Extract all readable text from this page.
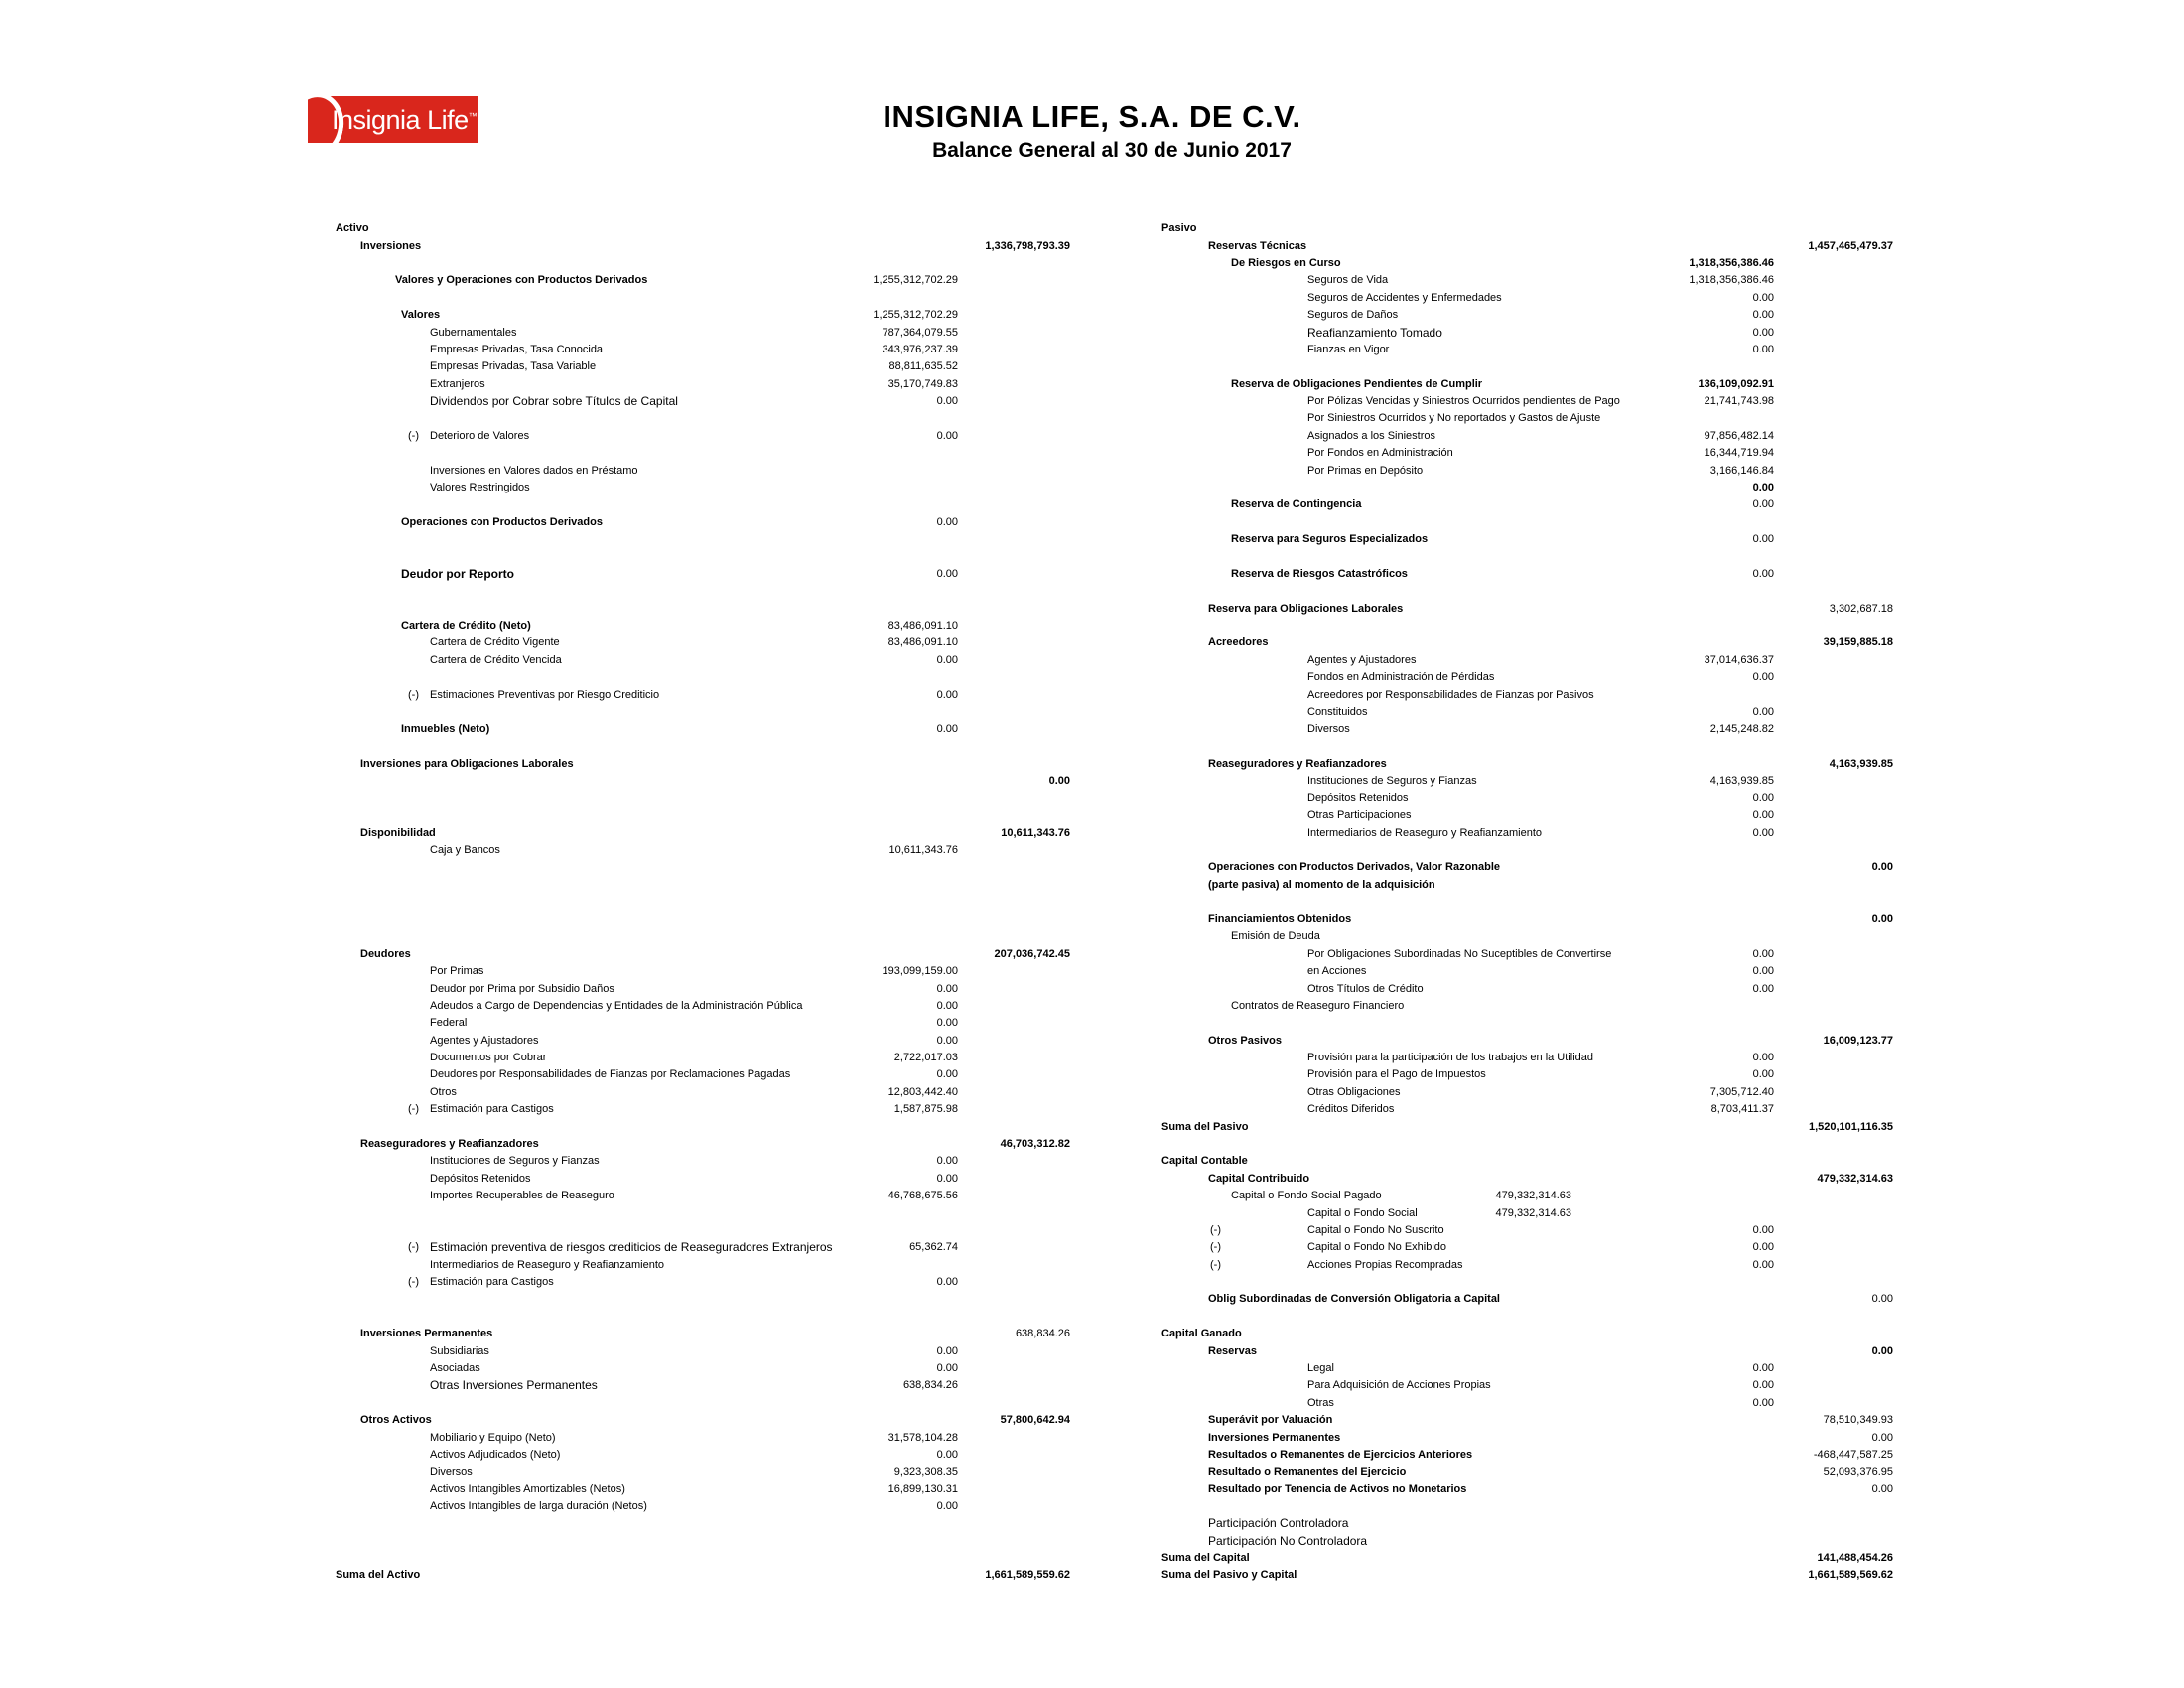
Insignia Life™	INSIGNIA LIFE, S.A. DE C.V.
Balance General al 30 de Junio 2017
Activo
Inversiones	1,336,798,793.39
Valores y Operaciones con Productos Derivados	1,255,312,702.29
Valores	1,255,312,702.29
Gubernamentales	787,364,079.55
Empresas Privadas, Tasa Conocida	343,976,237.39
Empresas Privadas, Tasa Variable	88,811,635.52
Extranjeros	35,170,749.83
Dividendos por Cobrar sobre Títulos de Capital	0.00
(-) Deterioro de Valores	0.00
Inversiones en Valores dados en Préstamo
Valores Restringidos
Operaciones con Productos Derivados	0.00
Deudor por Reporto	0.00
Cartera de Crédito (Neto)	83,486,091.10
Cartera de Crédito Vigente	83,486,091.10
Cartera de Crédito Vencida	0.00
(-) Estimaciones Preventivas por Riesgo Crediticio	0.00
Inmuebles (Neto)	0.00
Inversiones para Obligaciones Laborales
0.00
Disponibilidad	10,611,343.76
Caja y Bancos	10,611,343.76
Deudores	207,036,742.45
Por Primas	193,099,159.00
Deudor por Prima por Subsidio Daños	0.00
Adeudos a Cargo de Dependencias y Entidades de la Administración Pública	0.00
Federal	0.00
Agentes y Ajustadores	0.00
Documentos por Cobrar	2,722,017.03
Deudores por Responsabilidades de Fianzas por Reclamaciones Pagadas	0.00
Otros	12,803,442.40
(-) Estimación para Castigos	1,587,875.98
Reaseguradores y Reafianzadores	46,703,312.82
Instituciones de Seguros y Fianzas	0.00
Depósitos Retenidos	0.00
Importes Recuperables de Reaseguro	46,768,675.56
(-) Estimación preventiva de riesgos crediticios de Reaseguradores Extranjeros	65,362.74
Intermediarios de Reaseguro y Reafianzamiento
(-) Estimación para Castigos	0.00
Inversiones Permanentes	638,834.26
Subsidiarias	0.00
Asociadas	0.00
Otras Inversiones Permanentes	638,834.26
Otros Activos	57,800,642.94
Mobiliario y Equipo (Neto)	31,578,104.28
Activos Adjudicados (Neto)	0.00
Diversos	9,323,308.35
Activos Intangibles Amortizables (Netos)	16,899,130.31
Activos Intangibles de larga duración (Netos)	0.00
Suma del Activo	1,661,589,559.62
Pasivo
Reservas Técnicas	1,457,465,479.37
De Riesgos en Curso	1,318,356,386.46
Seguros de Vida	1,318,356,386.46
Seguros de Accidentes y Enfermedades	0.00
Seguros de Daños	0.00
Reafianzamiento Tomado	0.00
Fianzas en Vigor	0.00
Reserva de Obligaciones Pendientes de Cumplir	136,109,092.91
Por Pólizas Vencidas y Siniestros Ocurridos pendientes de Pago	21,741,743.98
Por Siniestros Ocurridos y No reportados y Gastos de Ajuste
Asignados a los Siniestros	97,856,482.14
Por Fondos en Administración	16,344,719.94
Por Primas en Depósito	3,166,146.84
0.00
Reserva de Contingencia	0.00
Reserva para Seguros Especializados	0.00
Reserva de Riesgos Catastróficos	0.00
Reserva para Obligaciones Laborales	3,302,687.18
Acreedores	39,159,885.18
Agentes y Ajustadores	37,014,636.37
Fondos en Administración de Pérdidas	0.00
Acreedores por Responsabilidades de Fianzas por Pasivos
Constituidos	0.00
Diversos	2,145,248.82
Reaseguradores y Reafianzadores	4,163,939.85
Instituciones de Seguros y Fianzas	4,163,939.85
Depósitos Retenidos	0.00
Otras Participaciones	0.00
Intermediarios de Reaseguro y Reafianzamiento	0.00
Operaciones con Productos Derivados, Valor Razonable	0.00
(parte pasiva) al momento de la adquisición
Financiamientos Obtenidos	0.00
Emisión de Deuda
Por Obligaciones Subordinadas No Suceptibles de Convertirse	0.00
en Acciones	0.00
Otros Títulos de Crédito	0.00
Contratos de Reaseguro Financiero
Otros Pasivos	16,009,123.77
Provisión para la participación de los trabajos en la Utilidad	0.00
Provisión para el Pago de Impuestos	0.00
Otras Obligaciones	7,305,712.40
Créditos Diferidos	8,703,411.37
Suma del Pasivo	1,520,101,116.35
Capital Contable
Capital Contribuido	479,332,314.63
Capital o Fondo Social Pagado	479,332,314.63
Capital o Fondo Social	479,332,314.63
(-)	Capital o Fondo No Suscrito	0.00
(-)	Capital o Fondo No Exhibido	0.00
(-)	Acciones Propias Recompradas	0.00
Oblig Subordinadas de Conversión Obligatoria a Capital	0.00
Capital Ganado
Reservas	0.00
Legal	0.00
Para Adquisición de Acciones Propias	0.00
Otras	0.00
Superávit por Valuación	78,510,349.93
Inversiones Permanentes	0.00
Resultados o Remanentes de Ejercicios Anteriores	-468,447,587.25
Resultado o Remanentes del Ejercicio	52,093,376.95
Resultado por Tenencia de Activos no Monetarios	0.00
Participación Controladora
Participación No Controladora
Suma del Capital	141,488,454.26
Suma del Pasivo y Capital	1,661,589,569.62
